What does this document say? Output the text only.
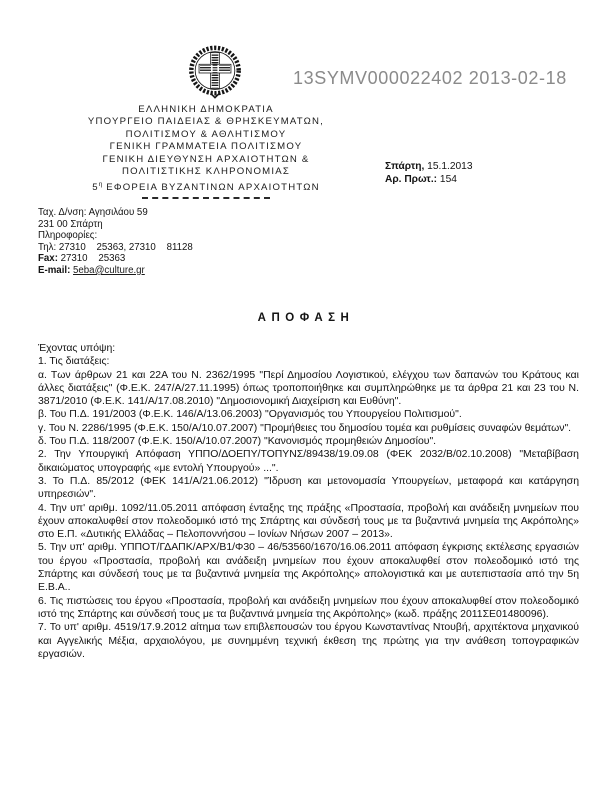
13SYMV000022402 2013-02-18
ΕΛΛΗΝΙΚΗ ΔΗΜΟΚΡΑΤΙΑ
ΥΠΟΥΡΓΕΙΟ ΠΑΙΔΕΙΑΣ & ΘΡΗΣΚΕΥΜΑΤΩΝ,
ΠΟΛΙΤΙΣΜΟΥ & ΑΘΛΗΤΙΣΜΟΥ
ΓΕΝΙΚΗ ΓΡΑΜΜΑΤΕΙΑ ΠΟΛΙΤΙΣΜΟΥ
ΓΕΝΙΚΗ ΔΙΕΥΘΥΝΣΗ ΑΡΧΑΙΟΤΗΤΩΝ &
ΠΟΛΙΤΙΣΤΙΚΗΣ ΚΛΗΡΟΝΟΜΙΑΣ
$5^\eta$ ΕΦΟΡΕΙΑ ΒΥΖΑΝΤΙΝΩΝ ΑΡΧΑΙΟΤΗΤΩΝ
Σπάρτη, 15.1.2013
Αρ. Πρωτ.: 154
Ταχ. Δ/νση: Αγησιλάου 59
231 00 Σπάρτη
Πληροφορίες:
Τηλ: 27310    25363, 27310    81128
Fax: 27310    25363
E-mail: 5eba@culture.gr
ΑΠΟΦΑΣΗ

Έχοντας υπόψη:

1. Τις διατάξεις:

α. Των άρθρων 21 και 22Α του Ν. 2362/1995 "Περί Δημοσίου Λογιστικού, ελέγχου των δαπανών του Κράτους και άλλες διατάξεις" (Φ.Ε.Κ. 247/Α/27.11.1995) όπως τροποποιήθηκε και συμπληρώθηκε με τα άρθρα 21 και 23 του Ν. 3871/2010 (Φ.Ε.Κ. 141/Α/17.08.2010) "Δημοσιονομική Διαχείριση και Ευθύνη".

β. Του Π.Δ. 191/2003 (Φ.Ε.Κ. 146/Α/13.06.2003) "Οργανισμός του Υπουργείου Πολιτισμού".

γ. Του Ν. 2286/1995 (Φ.Ε.Κ. 150/Α/10.07.2007) "Προμήθειες του δημοσίου τομέα και ρυθμίσεις συναφών θεμάτων".

δ. Του Π.Δ. 118/2007 (Φ.Ε.Κ. 150/Α/10.07.2007) "Κανονισμός προμηθειών Δημοσίου".

2. Την Υπουργική Απόφαση ΥΠΠΟ/ΔΟΕΠΥ/ΤΟΠΥΝΣ/89438/19.09.08 (ΦΕΚ 2032/Β/02.10.2008) "Μεταβίβαση δικαιώματος υπογραφής «με εντολή Υπουργού» ...".

3. Το Π.Δ. 85/2012 (ΦΕΚ 141/Α/21.06.2012) "Ίδρυση και μετονομασία Υπουργείων, μεταφορά και κατάργηση υπηρεσιών".

4. Την υπ' αριθμ. 1092/11.05.2011 απόφαση ένταξης της πράξης «Προστασία, προβολή και ανάδειξη μνημείων που έχουν αποκαλυφθεί στον πολεοδομικό ιστό της Σπάρτης και σύνδεσή τους με τα βυζαντινά μνημεία της Ακρόπολης» στο Ε.Π. «Δυτικής Ελλάδας – Πελοποννήσου – Ιονίων Νήσων 2007 – 2013».

5. Την υπ' αριθμ. ΥΠΠΟΤ/ΓΔΑΠΚ/ΑΡΧ/Β1/Φ30 – 46/53560/1670/16.06.2011 απόφαση έγκρισης εκτέλεσης εργασιών του έργου «Προστασία, προβολή και ανάδειξη μνημείων που έχουν αποκαλυφθεί στον πολεοδομικό ιστό της Σπάρτης και σύνδεσή τους με τα βυζαντινά μνημεία της Ακρόπολης» απολογιστικά και με αυτεπιστασία από την 5η Ε.Β.Α..

6. Τις πιστώσεις του έργου «Προστασία, προβολή και ανάδειξη μνημείων που έχουν αποκαλυφθεί στον πολεοδομικό ιστό της Σπάρτης και σύνδεσή τους με τα βυζαντινά μνημεία της Ακρόπολης» (κωδ. πράξης 2011ΣΕ01480096).

7. Το υπ' αριθμ. 4519/17.9.2012 αίτημα των επιβλεπουσών του έργου Κωνσταντίνας Ντουβή, αρχιτέκτονα μηχανικού και Αγγελικής Μέξια, αρχαιολόγου, με συνημμένη τεχνική έκθεση της πρώτης για την ανάθεση τοπογραφικών εργασιών.
